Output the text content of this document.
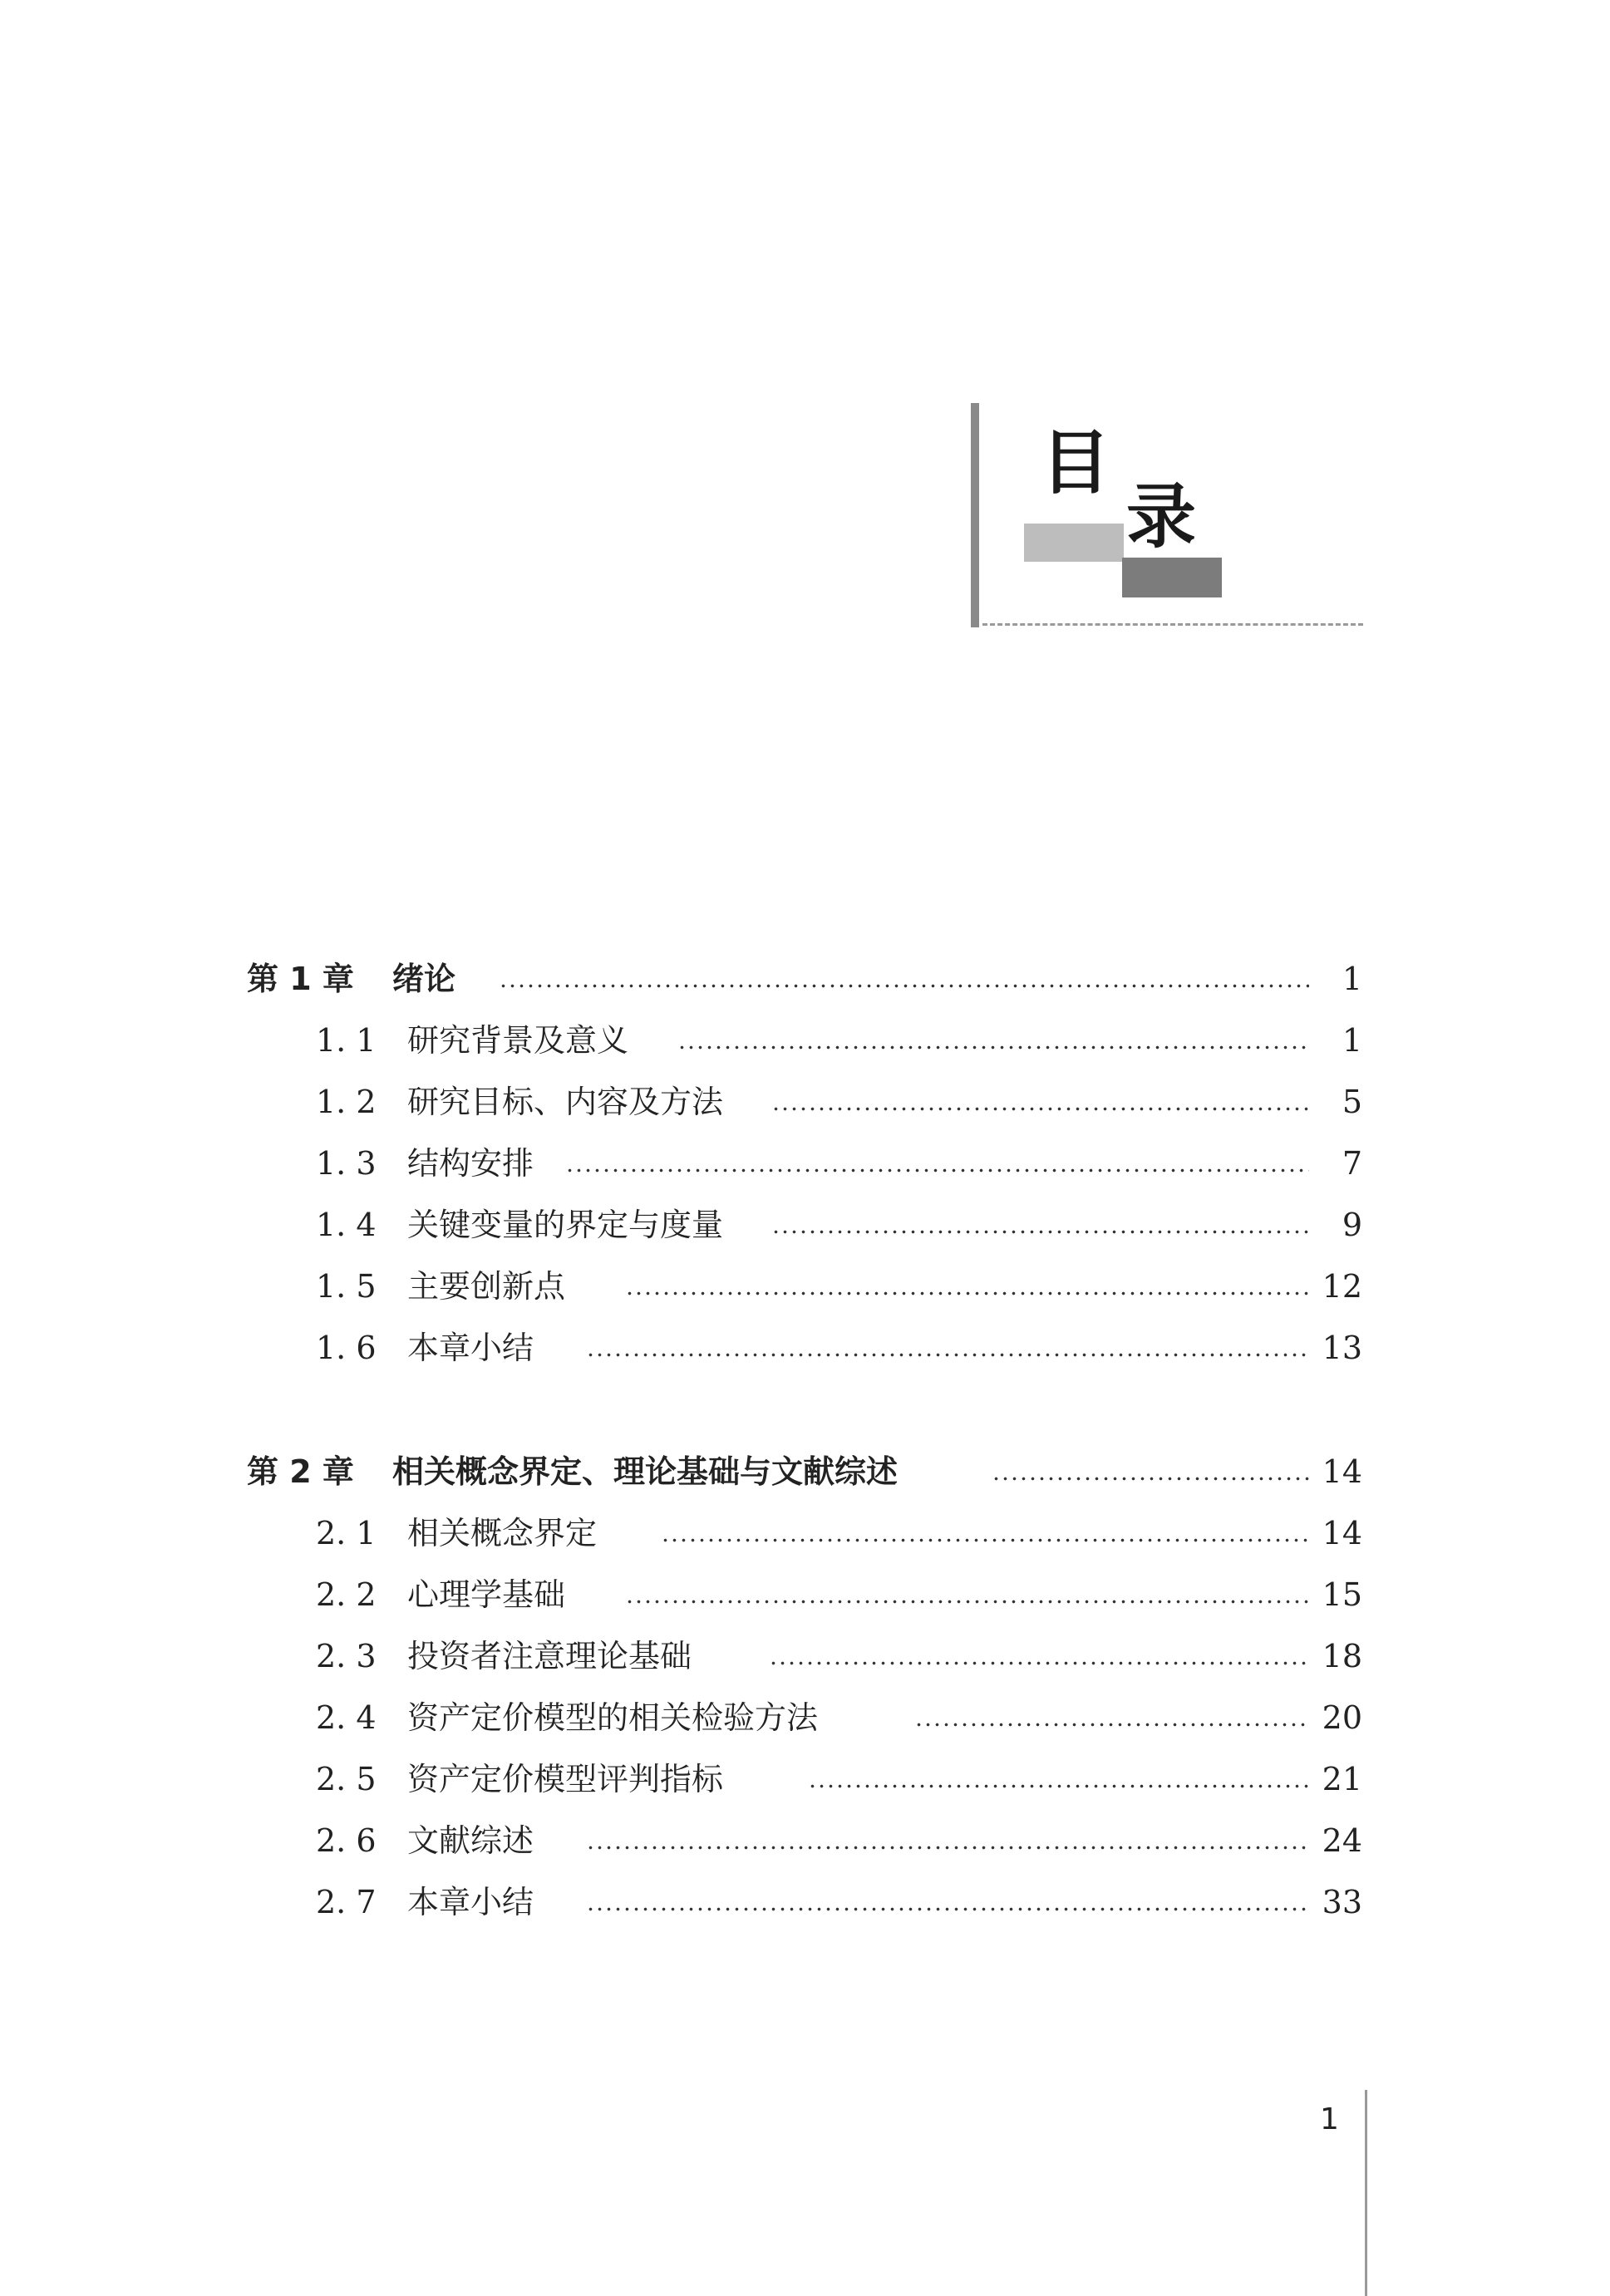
目
录
第 1 章 绪论	1
1. 1 研究背景及意义	1
1. 2 研究目标、内容及方法	5
1. 3 结构安排	7
1. 4 关键变量的界定与度量	9
1. 5 主要创新点	12
1. 6 本章小结	13
第 2 章 相关概念界定、理论基础与文献综述	14
2. 1 相关概念界定	14
2. 2 心理学基础	15
2. 3 投资者注意理论基础	18
2. 4 资产定价模型的相关检验方法	20
2. 5 资产定价模型评判指标	21
2. 6 文献综述	24
2. 7 本章小结	33
1
